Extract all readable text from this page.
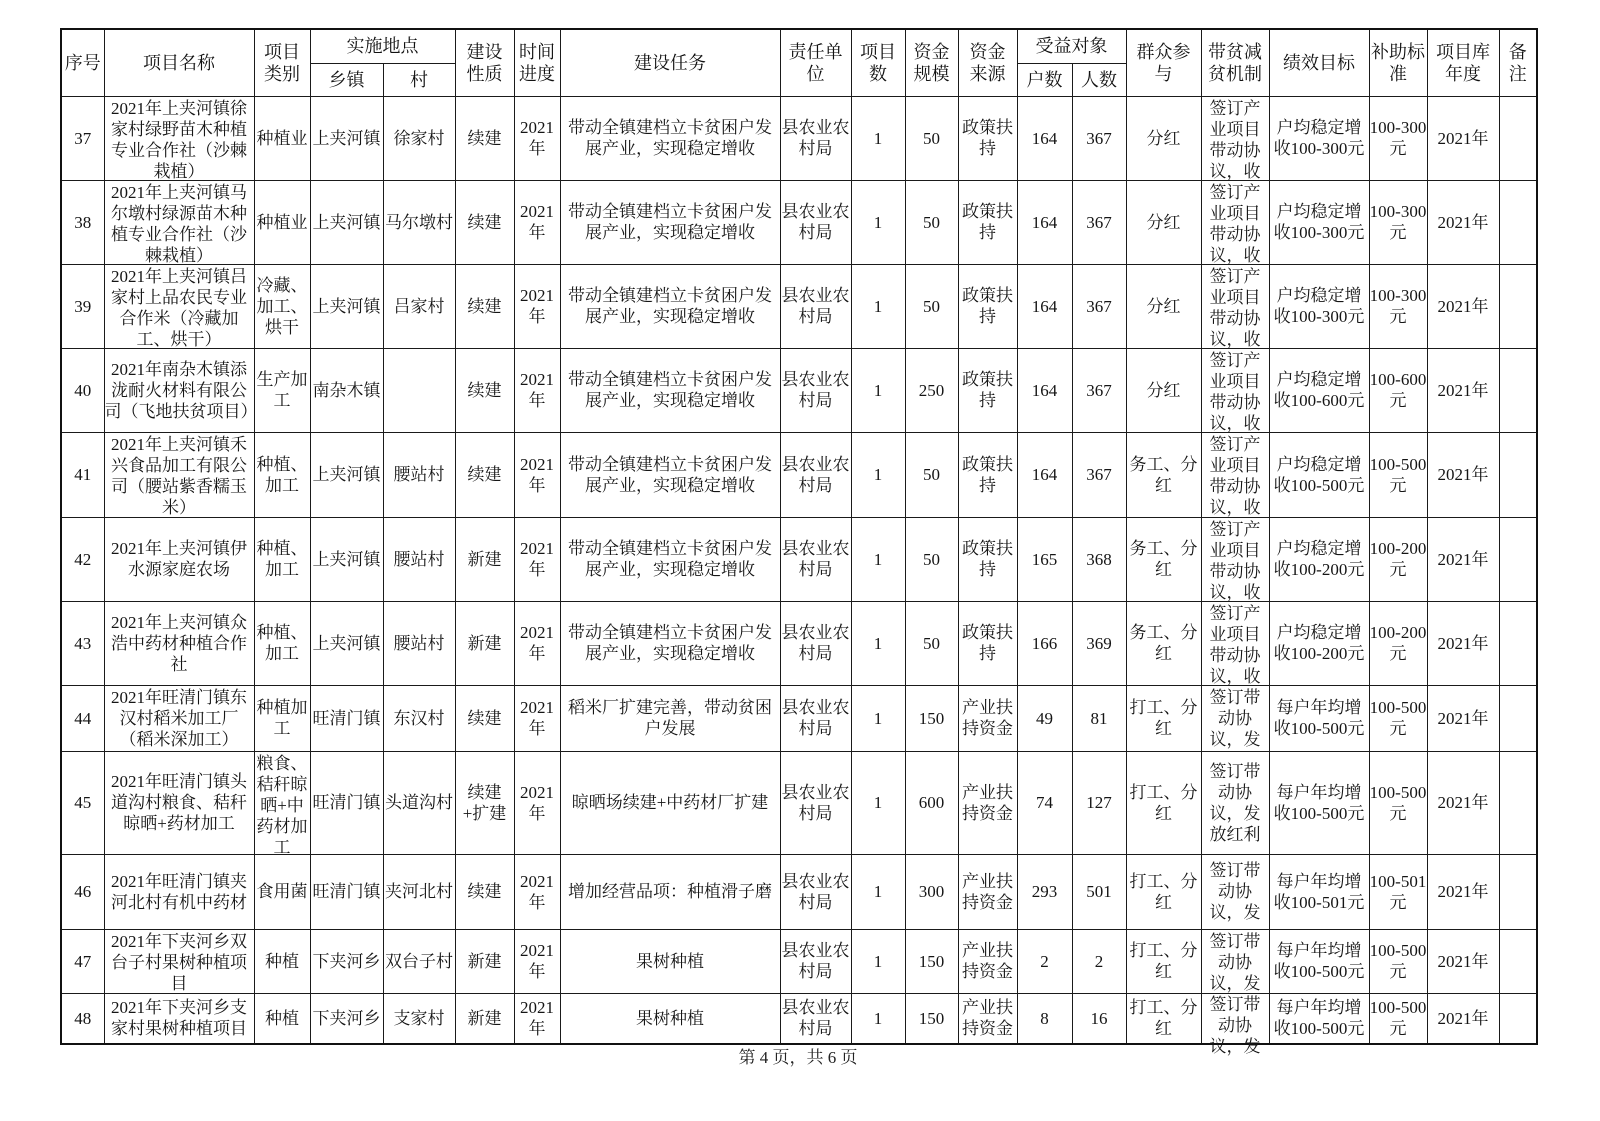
序号	项目名称	项目类别	实施地点		建设性质	时间进度	建设任务	责任单位	项目数	资金规模	资金来源	受益对象		群众参与	带贫减贫机制	绩效目标	补助标准	项目库年度	备注
			乡镇	村								户数	人数						

37	2021年上夹河镇徐家村绿野苗木种植专业合作社（沙棘栽植）	种植业	上夹河镇	徐家村	续建	2021年	带动全镇建档立卡贫困户发展产业，实现稳定增收	县农业农村局	1	50	政策扶持	164	367	分红	签订产业项目带动协议，收	户均稳定增收100-300元	100-300元	2021年	

38	2021年上夹河镇马尔墩村绿源苗木种植专业合作社（沙棘栽植）	种植业	上夹河镇	马尔墩村	续建	2021年	带动全镇建档立卡贫困户发展产业，实现稳定增收	县农业农村局	1	50	政策扶持	164	367	分红	签订产业项目带动协议，收	户均稳定增收100-300元	100-300元	2021年	

39	2021年上夹河镇吕家村上品农民专业合作米（冷藏加工、烘干）	冷藏、加工、烘干	上夹河镇	吕家村	续建	2021年	带动全镇建档立卡贫困户发展产业，实现稳定增收	县农业农村局	1	50	政策扶持	164	367	分红	签订产业项目带动协议，收	户均稳定增收100-300元	100-300元	2021年	

40	2021年南杂木镇添泷耐火材料有限公司（飞地扶贫项目）	生产加工	南杂木镇		续建	2021年	带动全镇建档立卡贫困户发展产业，实现稳定增收	县农业农村局	1	250	政策扶持	164	367	分红	签订产业项目带动协议，收	户均稳定增收100-600元	100-600元	2021年	

41	2021年上夹河镇禾兴食品加工有限公司（腰站紫香糯玉米）	种植、加工	上夹河镇	腰站村	续建	2021年	带动全镇建档立卡贫困户发展产业，实现稳定增收	县农业农村局	1	50	政策扶持	164	367	务工、分红	签订产业项目带动协议，收	户均稳定增收100-500元	100-500元	2021年	

42	2021年上夹河镇伊水源家庭农场	种植、加工	上夹河镇	腰站村	新建	2021年	带动全镇建档立卡贫困户发展产业，实现稳定增收	县农业农村局	1	50	政策扶持	165	368	务工、分红	签订产业项目带动协议，收	户均稳定增收100-200元	100-200元	2021年	

43	2021年上夹河镇众浩中药材种植合作社	种植、加工	上夹河镇	腰站村	新建	2021年	带动全镇建档立卡贫困户发展产业，实现稳定增收	县农业农村局	1	50	政策扶持	166	369	务工、分红	签订产业项目带动协议，收	户均稳定增收100-200元	100-200元	2021年	

44	2021年旺清门镇东汉村稻米加工厂（稻米深加工）	种植加工	旺清门镇	东汉村	续建	2021年	稻米厂扩建完善，带动贫困户发展	县农业农村局	1	150	产业扶持资金	49	81	打工、分红	签订带动协议，发	每户年均增收100-500元	100-500元	2021年	

45	2021年旺清门镇头道沟村粮食、秸秆晾晒+药材加工	粮食、秸秆晾晒+中药材加工	旺清门镇	头道沟村	续建+扩建	2021年	晾晒场续建+中药材厂扩建	县农业农村局	1	600	产业扶持资金	74	127	打工、分红	签订带动协议，发放红利	每户年均增收100-500元	100-500元	2021年	

46	2021年旺清门镇夹河北村有机中药材	食用菌	旺清门镇	夹河北村	续建	2021年	增加经营品项：种植滑子磨	县农业农村局	1	300	产业扶持资金	293	501	打工、分红	签订带动协议，发	每户年均增收100-501元	100-501元	2021年	

47	2021年下夹河乡双台子村果树种植项目	种植	下夹河乡	双台子村	新建	2021年	果树种植	县农业农村局	1	150	产业扶持资金	2	2	打工、分红	签订带动协议，发	每户年均增收100-500元	100-500元	2021年	

48	2021年下夹河乡支家村果树种植项目	种植	下夹河乡	支家村	新建	2021年	果树种植	县农业农村局	1	150	产业扶持资金	8	16	打工、分红	签订带动协议，发	每户年均增收100-500元	100-500元	2021年	

第 4 页，共 6 页
